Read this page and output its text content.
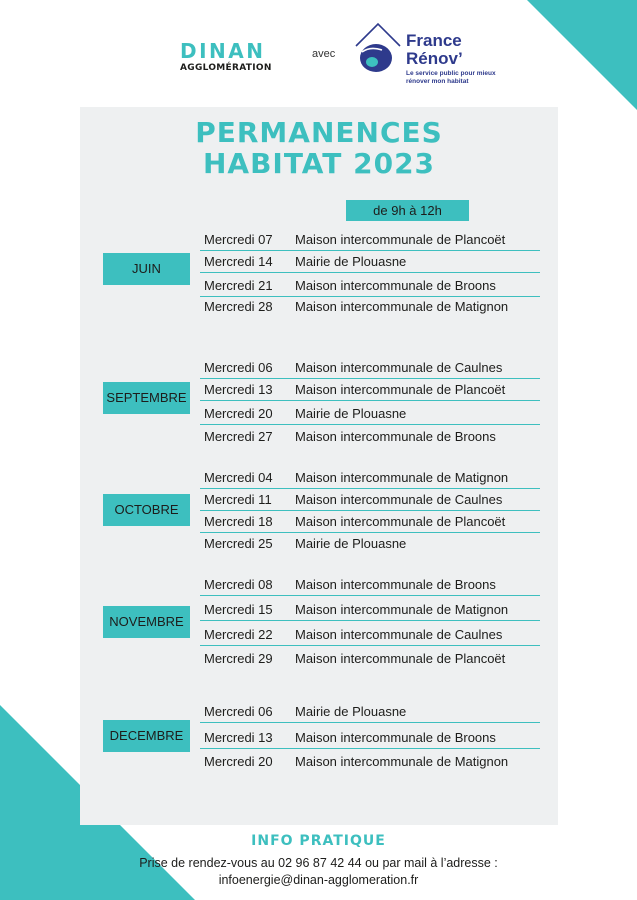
DINAN
AGGLOMÉRATION
avec
France
Rénov’
Le service public pour mieux
rénover mon habitat
PERMANENCES
HABITAT 2023
de 9h à 12h
JUIN
Mercredi 07 Maison intercommunale de Plancoët
Mercredi 14 Mairie de Plouasne
Mercredi 21 Maison intercommunale de Broons
Mercredi 28 Maison intercommunale de Matignon
SEPTEMBRE
Mercredi 06 Maison intercommunale de Caulnes
Mercredi 13 Maison intercommunale de Plancoët
Mercredi 20 Mairie de Plouasne
Mercredi 27 Maison intercommunale de Broons
OCTOBRE
Mercredi 04 Maison intercommunale de Matignon
Mercredi 11 Maison intercommunale de Caulnes
Mercredi 18 Maison intercommunale de Plancoët
Mercredi 25 Mairie de Plouasne
NOVEMBRE
Mercredi 08 Maison intercommunale de Broons
Mercredi 15 Maison intercommunale de Matignon
Mercredi 22 Maison intercommunale de Caulnes
Mercredi 29 Maison intercommunale de Plancoët
DECEMBRE
Mercredi 06 Mairie de Plouasne
Mercredi 13 Maison intercommunale de Broons
Mercredi 20 Maison intercommunale de Matignon
INFO PRATIQUE
Prise de rendez-vous au 02 96 87 42 44 ou par mail à l’adresse :
infoenergie@dinan-agglomeration.fr
